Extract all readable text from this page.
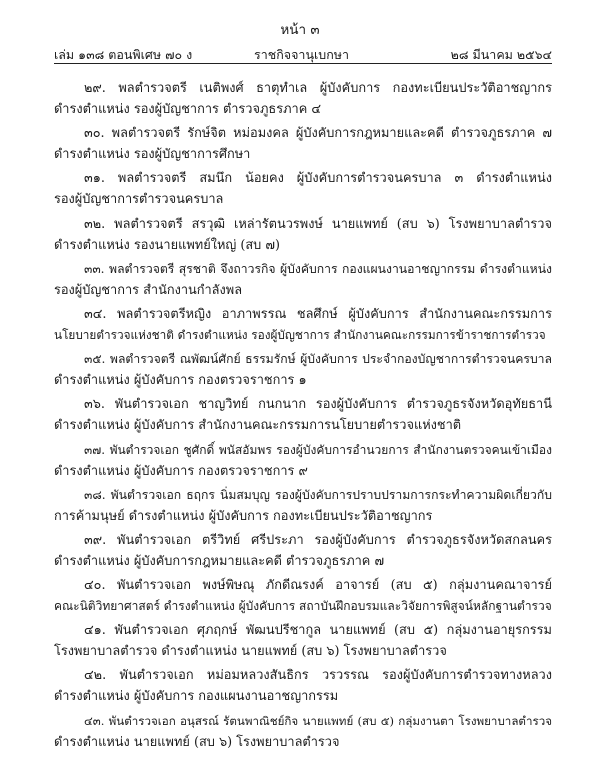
หน้า ๓
เล่ม ๑๓๘ ตอนพิเศษ ๗๐ ง	ราชกิจจานุเบกษา	๒๘ มีนาคม ๒๕๖๔
๒๙. พลตำรวจตรี เนติพงศ์ ธาตุทำเล ผู้บังคับการ กองทะเบียนประวัติอาชญากร
ดำรงตำแหน่ง รองผู้บัญชาการ ตำรวจภูธรภาค ๔
๓๐. พลตำรวจตรี รักษ์จิต หม่อมงคล ผู้บังคับการกฎหมายและคดี ตำรวจภูธรภาค ๗
ดำรงตำแหน่ง รองผู้บัญชาการศึกษา
๓๑. พลตำรวจตรี สมนึก น้อยคง ผู้บังคับการตำรวจนครบาล ๓ ดำรงตำแหน่ง
รองผู้บัญชาการตำรวจนครบาล
๓๒. พลตำรวจตรี สรวุฒิ เหล่ารัตนวรพงษ์ นายแพทย์ (สบ ๖) โรงพยาบาลตำรวจ
ดำรงตำแหน่ง รองนายแพทย์ใหญ่ (สบ ๗)
๓๓. พลตำรวจตรี สุรชาติ จึงถาวรกิจ ผู้บังคับการ กองแผนงานอาชญากรรม ดำรงตำแหน่ง
รองผู้บัญชาการ สำนักงานกำลังพล
๓๔. พลตำรวจตรีหญิง อาภาพรรณ ชลศึกษ์ ผู้บังคับการ สำนักงานคณะกรรมการ
นโยบายตำรวจแห่งชาติ ดำรงตำแหน่ง รองผู้บัญชาการ สำนักงานคณะกรรมการข้าราชการตำรวจ
๓๕. พลตำรวจตรี ณพัฒน์ศักย์ ธรรมรักษ์ ผู้บังคับการ ประจำกองบัญชาการตำรวจนครบาล
ดำรงตำแหน่ง ผู้บังคับการ กองตรวจราชการ ๑
๓๖. พันตำรวจเอก ชาญวิทย์ กนกนาก รองผู้บังคับการ ตำรวจภูธรจังหวัดอุทัยธานี
ดำรงตำแหน่ง ผู้บังคับการ สำนักงานคณะกรรมการนโยบายตำรวจแห่งชาติ
๓๗. พันตำรวจเอก ชูศักดิ์ พนัสอัมพร รองผู้บังคับการอำนวยการ สำนักงานตรวจคนเข้าเมือง
ดำรงตำแหน่ง ผู้บังคับการ กองตรวจราชการ ๙
๓๘. พันตำรวจเอก ธฤกร นิ่มสมบุญ รองผู้บังคับการปราบปรามการกระทำความผิดเกี่ยวกับ
การค้ามนุษย์ ดำรงตำแหน่ง ผู้บังคับการ กองทะเบียนประวัติอาชญากร
๓๙. พันตำรวจเอก ตรีวิทย์ ศรีประภา รองผู้บังคับการ ตำรวจภูธรจังหวัดสกลนคร
ดำรงตำแหน่ง ผู้บังคับการกฎหมายและคดี ตำรวจภูธรภาค ๗
๔๐. พันตำรวจเอก พงษ์พิษณุ ภักดีณรงค์ อาจารย์ (สบ ๕) กลุ่มงานคณาจารย์
คณะนิติวิทยาศาสตร์ ดำรงตำแหน่ง ผู้บังคับการ สถาบันฝึกอบรมและวิจัยการพิสูจน์หลักฐานตำรวจ
๔๑. พันตำรวจเอก ศุภฤกษ์ พัฒนปรีชากูล นายแพทย์ (สบ ๕) กลุ่มงานอายุรกรรม
โรงพยาบาลตำรวจ ดำรงตำแหน่ง นายแพทย์ (สบ ๖) โรงพยาบาลตำรวจ
๔๒. พันตำรวจเอก หม่อมหลวงสันธิกร วรวรรณ รองผู้บังคับการตำรวจทางหลวง
ดำรงตำแหน่ง ผู้บังคับการ กองแผนงานอาชญากรรม
๔๓. พันตำรวจเอก อนุสรณ์ รัตนพาณิชย์กิจ นายแพทย์ (สบ ๕) กลุ่มงานตา โรงพยาบาลตำรวจ
ดำรงตำแหน่ง นายแพทย์ (สบ ๖) โรงพยาบาลตำรวจ
